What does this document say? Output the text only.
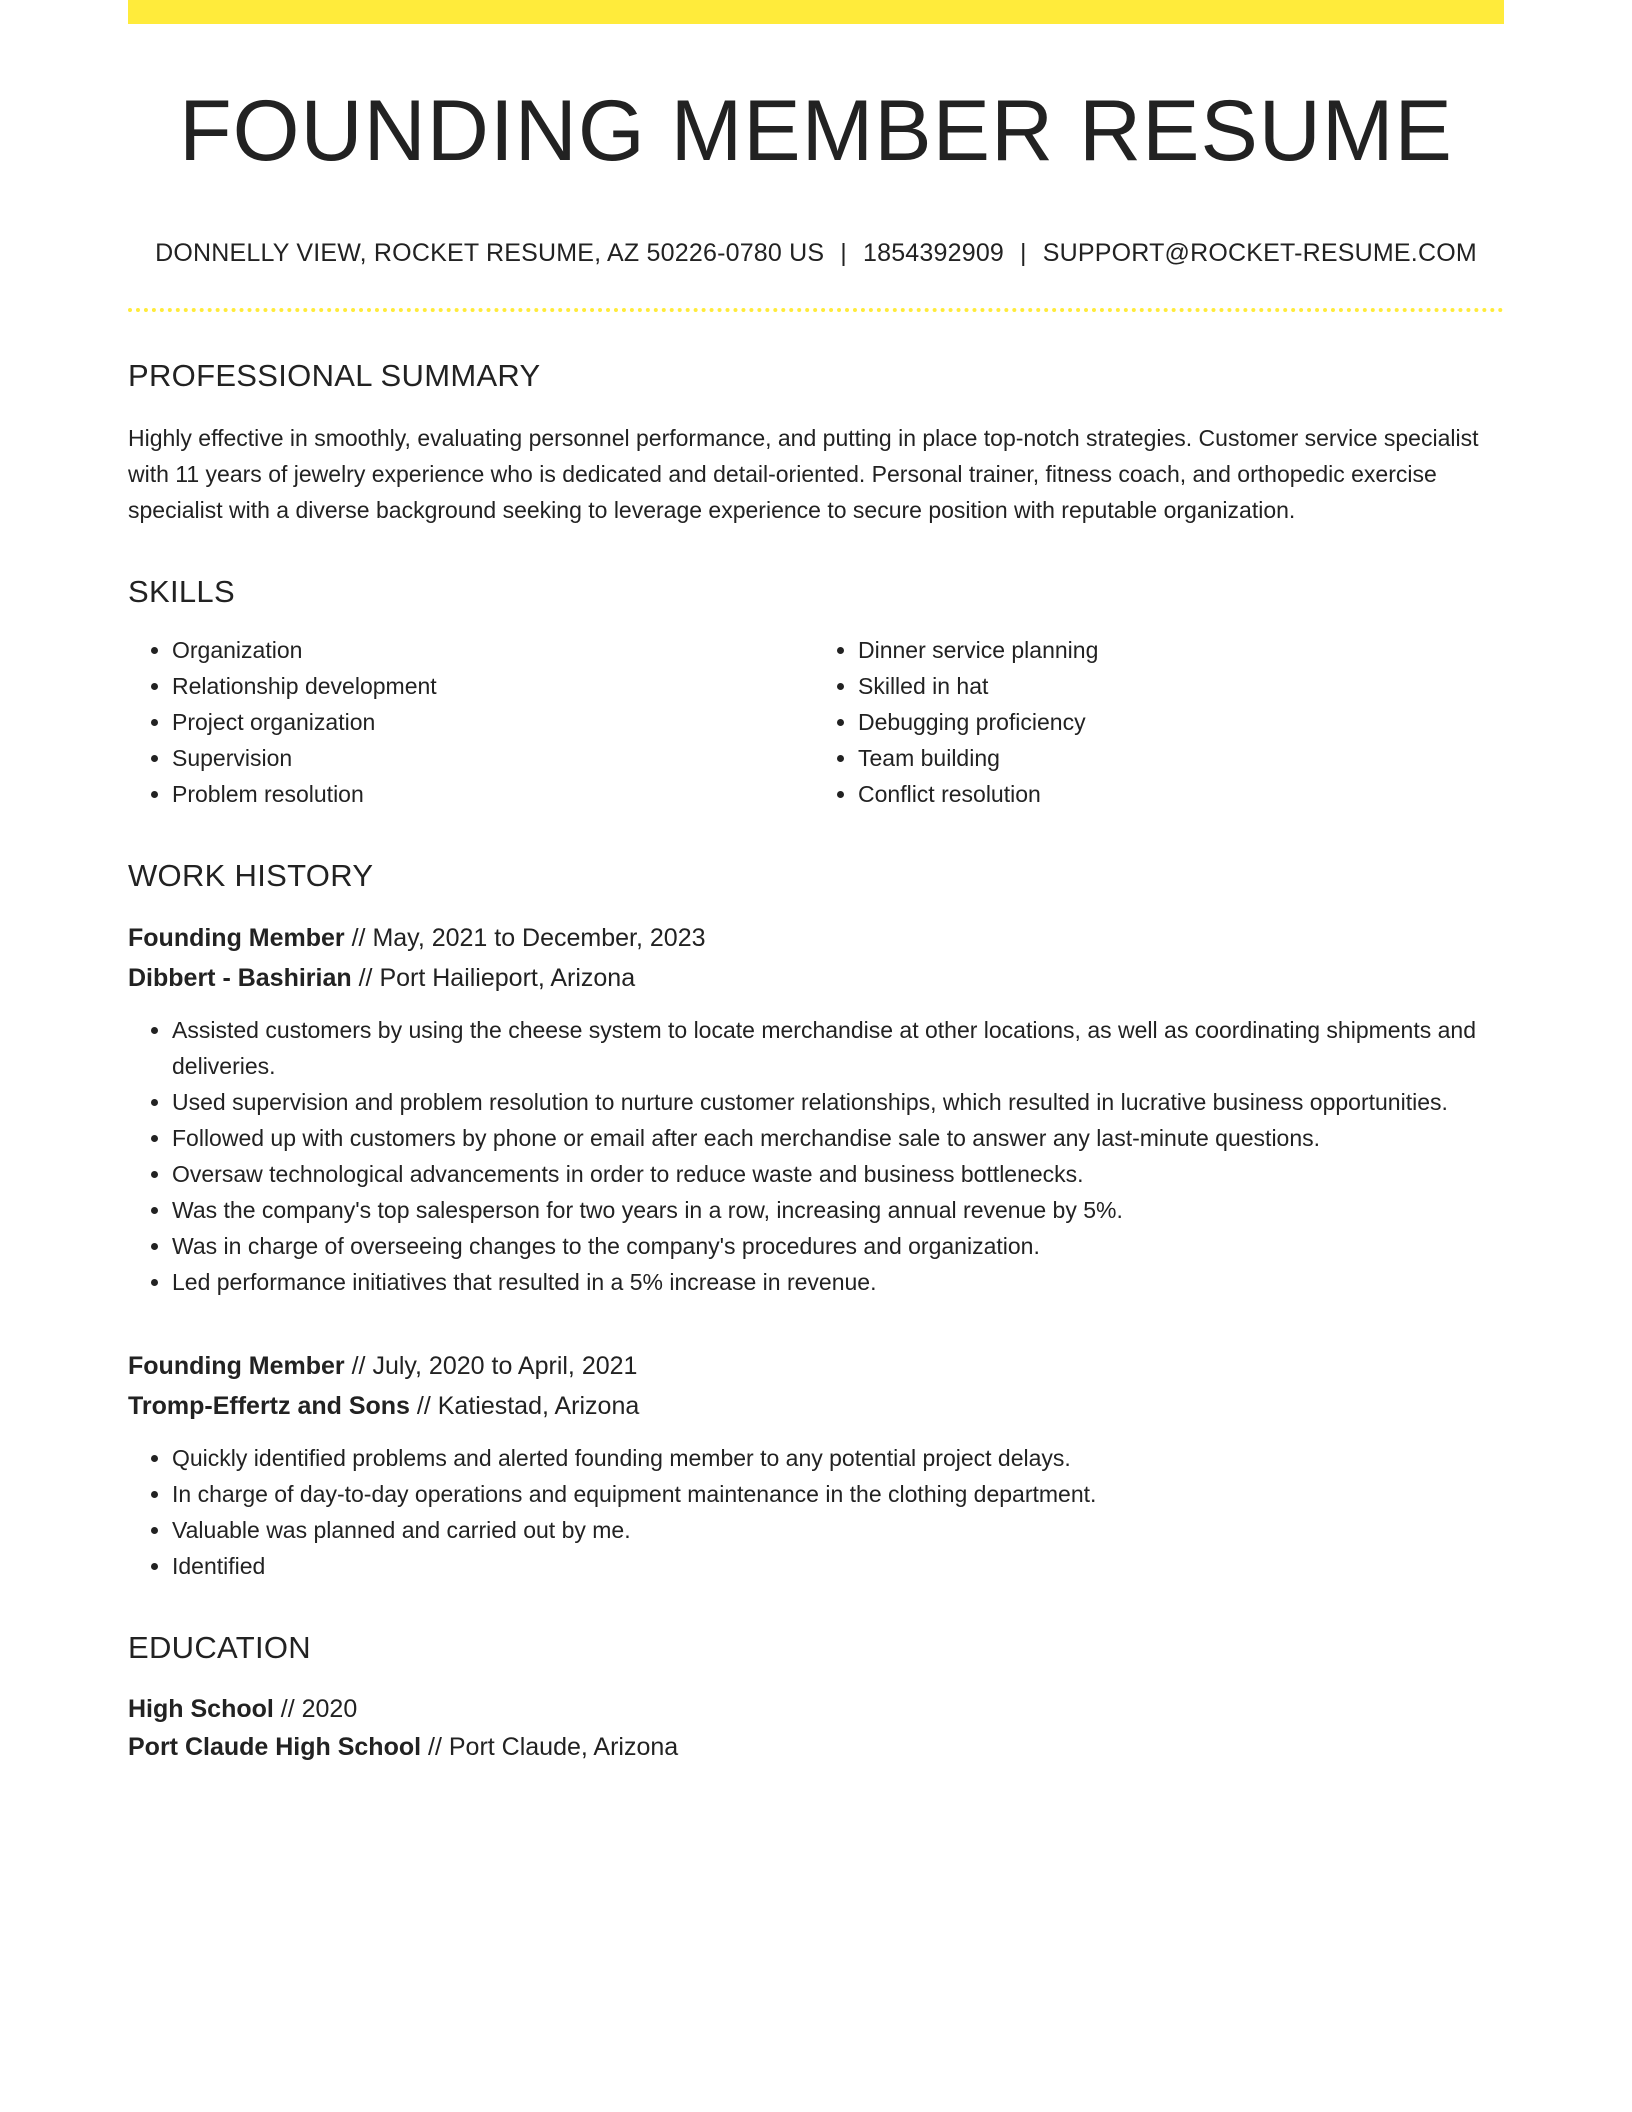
FOUNDING MEMBER RESUME
DONNELLY VIEW, ROCKET RESUME, AZ 50226-0780 US | 1854392909 | SUPPORT@ROCKET-RESUME.COM
PROFESSIONAL SUMMARY

Highly effective in smoothly, evaluating personnel performance, and putting in place top-notch strategies. Customer service specialist with 11 years of jewelry experience who is dedicated and detail-oriented. Personal trainer, fitness coach, and orthopedic exercise specialist with a diverse background seeking to leverage experience to secure position with reputable organization.

SKILLS
• Organization
• Relationship development
• Project organization
• Supervision
• Problem resolution
• Dinner service planning
• Skilled in hat
• Debugging proficiency
• Team building
• Conflict resolution
WORK HISTORY
Founding Member // May, 2021 to December, 2023
Dibbert - Bashirian // Port Hailieport, Arizona
• Assisted customers by using the cheese system to locate merchandise at other locations, as well as coordinating shipments and deliveries.
• Used supervision and problem resolution to nurture customer relationships, which resulted in lucrative business opportunities.
• Followed up with customers by phone or email after each merchandise sale to answer any last-minute questions.
• Oversaw technological advancements in order to reduce waste and business bottlenecks.
• Was the company's top salesperson for two years in a row, increasing annual revenue by 5%.
• Was in charge of overseeing changes to the company's procedures and organization.
• Led performance initiatives that resulted in a 5% increase in revenue.
Founding Member // July, 2020 to April, 2021
Tromp-Effertz and Sons // Katiestad, Arizona
• Quickly identified problems and alerted founding member to any potential project delays.
• In charge of day-to-day operations and equipment maintenance in the clothing department.
• Valuable was planned and carried out by me.
• Identified
EDUCATION
High School // 2020
Port Claude High School // Port Claude, Arizona
